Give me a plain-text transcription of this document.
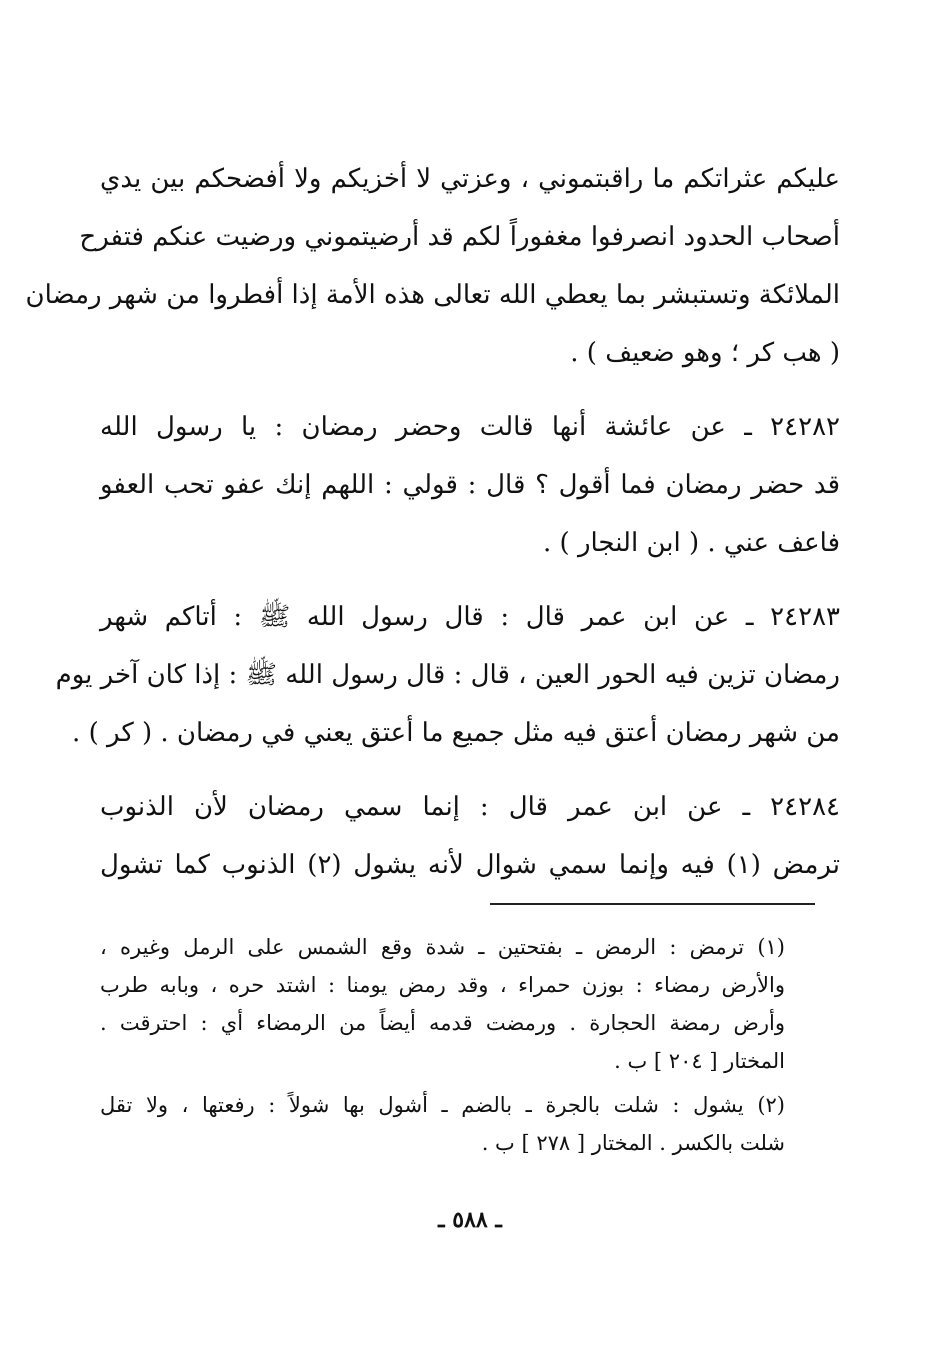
عليكم عثراتكم ما راقبتموني ، وعزتي لا أخزيكم ولا أفضحكم بين يدي
أصحاب الحدود انصرفوا مغفوراً لكم قد أرضيتموني ورضيت عنكم فتفرح
الملائكة وتستبشر بما يعطي الله تعالى هذه الأمة إذا أفطروا من شهر رمضان
( هب كر ؛ وهو ضعيف ) .
٢٤٢٨٢ ـ عن عائشة أنها قالت وحضر رمضان : يا رسول الله
قد حضر رمضان فما أقول ؟ قال : قولي : اللهم إنك عفو تحب العفو
فاعف عني . ( ابن النجار ) .
٢٤٢٨٣ ـ عن ابن عمر قال : قال رسول الله ﷺ : أتاكم شهر
رمضان تزين فيه الحور العين ، قال : قال رسول الله ﷺ : إذا كان آخر يوم
من شهر رمضان أعتق فيه مثل جميع ما أعتق يعني في رمضان . ( كر ) .
٢٤٢٨٤ ـ عن ابن عمر قال : إنما سمي رمضان لأن الذنوب
ترمض (١) فيه وإنما سمي شوال لأنه يشول (٢) الذنوب كما تشول
(١) ترمض : الرمض ـ بفتحتين ـ شدة وقع الشمس على الرمل وغيره ،
والأرض رمضاء : بوزن حمراء ، وقد رمض يومنا : اشتد حره ، وبابه طرب
وأرض رمضة الحجارة . ورمضت قدمه أيضاً من الرمضاء أي : احترقت .
المختار [ ٢٠٤ ] ب .
(٢) يشول : شلت بالجرة ـ بالضم ـ أشول بها شولاً : رفعتها ، ولا تقل
شلت بالكسر . المختار [ ٢٧٨ ] ب .
ـ ٥٨٨ ـ
